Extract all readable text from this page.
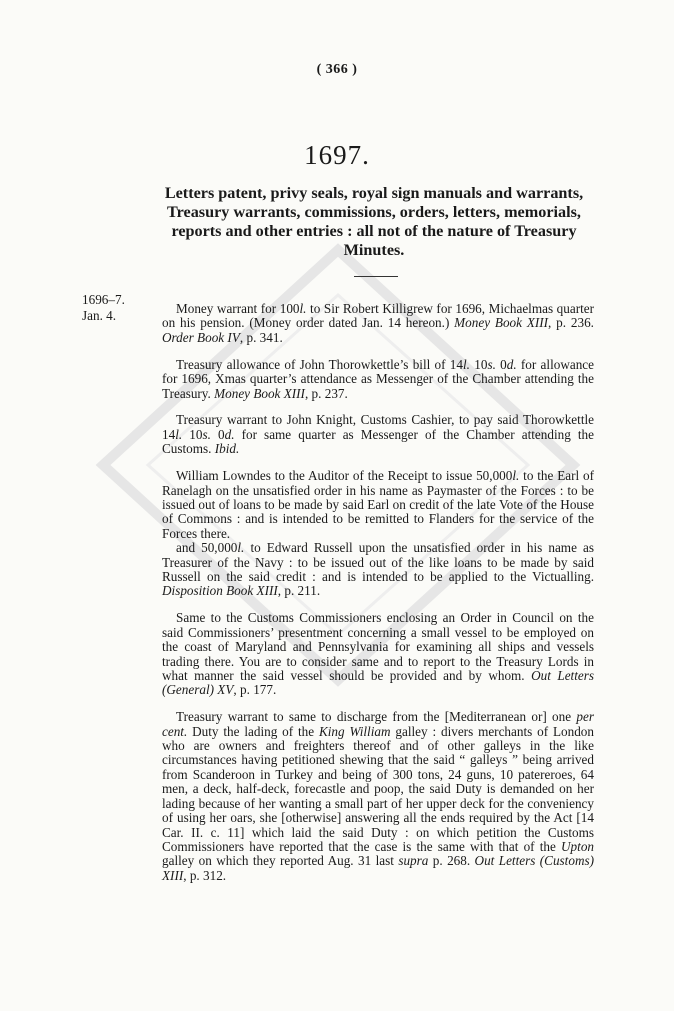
( 366 )
1697.
Letters patent, privy seals, royal sign manuals and warrants, Treasury warrants, commissions, orders, letters, memorials, reports and other entries : all not of the nature of Treasury Minutes.
1696–7.
Jan. 4.	Money warrant for 100l. to Sir Robert Killigrew for 1696, Michaelmas quarter on his pension. (Money order dated Jan. 14 hereon.) Money Book XIII, p. 236. Order Book IV, p. 341.

Treasury allowance of John Thorowkettle’s bill of 14l. 10s. 0d. for allowance for 1696, Xmas quarter’s attendance as Messenger of the Chamber attending the Treasury. Money Book XIII, p. 237.

Treasury warrant to John Knight, Customs Cashier, to pay said Thorowkettle 14l. 10s. 0d. for same quarter as Messenger of the Chamber attending the Customs. Ibid.

William Lowndes to the Auditor of the Receipt to issue 50,000l. to the Earl of Ranelagh on the unsatisfied order in his name as Paymaster of the Forces : to be issued out of loans to be made by said Earl on credit of the late Vote of the House of Commons : and is intended to be remitted to Flanders for the service of the Forces there.

and 50,000l. to Edward Russell upon the unsatisfied order in his name as Treasurer of the Navy : to be issued out of the like loans to be made by said Russell on the said credit : and is intended to be applied to the Victualling. Disposition Book XIII, p. 211.

Same to the Customs Commissioners enclosing an Order in Council on the said Commissioners’ presentment concerning a small vessel to be employed on the coast of Maryland and Pennsylvania for examining all ships and vessels trading there. You are to consider same and to report to the Treasury Lords in what manner the said vessel should be provided and by whom. Out Letters (General) XV, p. 177.

Treasury warrant to same to discharge from the [Mediterranean or] one per cent. Duty the lading of the King William galley : divers merchants of London who are owners and freighters thereof and of other galleys in the like circumstances having petitioned shewing that the said “ galleys ” being arrived from Scanderoon in Turkey and being of 300 tons, 24 guns, 10 patereroes, 64 men, a deck, half-deck, forecastle and poop, the said Duty is demanded on her lading because of her wanting a small part of her upper deck for the conveniency of using her oars, she [otherwise] answering all the ends required by the Act [14 Car. II. c. 11] which laid the said Duty : on which petition the Customs Commissioners have reported that the case is the same with that of the Upton galley on which they reported Aug. 31 last supra p. 268. Out Letters (Customs) XIII, p. 312.
